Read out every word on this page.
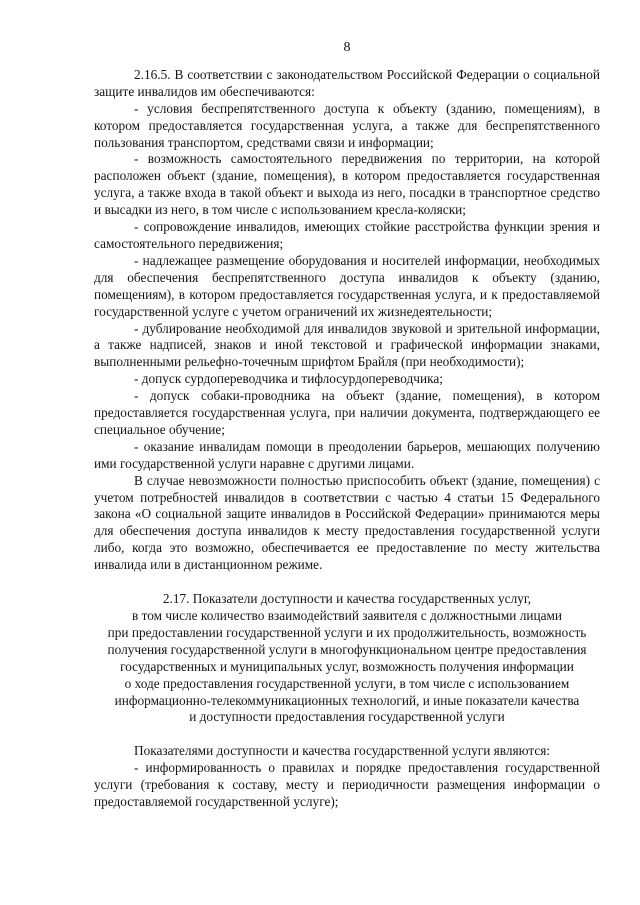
8

2.16.5. В соответствии с законодательством Российской Федерации о социальной защите инвалидов им обеспечиваются:

- условия беспрепятственного доступа к объекту (зданию, помещениям), в котором предоставляется государственная услуга, а также для беспрепятственного пользования транспортом, средствами связи и информации;

- возможность самостоятельного передвижения по территории, на которой расположен объект (здание, помещения), в котором предоставляется государственная услуга, а также входа в такой объект и выхода из него, посадки в транспортное средство и высадки из него, в том числе с использованием кресла-коляски;

- сопровождение инвалидов, имеющих стойкие расстройства функции зрения и самостоятельного передвижения;

- надлежащее размещение оборудования и носителей информации, необходимых для обеспечения беспрепятственного доступа инвалидов к объекту (зданию, помещениям), в котором предоставляется государственная услуга, и к предоставляемой государственной услуге с учетом ограничений их жизнедеятельности;

- дублирование необходимой для инвалидов звуковой и зрительной информации, а также надписей, знаков и иной текстовой и графической информации знаками, выполненными рельефно-точечным шрифтом Брайля (при необходимости);

- допуск сурдопереводчика и тифлосурдопереводчика;

- допуск собаки-проводника на объект (здание, помещения), в котором предоставляется государственная услуга, при наличии документа, подтверждающего ее специальное обучение;

- оказание инвалидам помощи в преодолении барьеров, мешающих получению ими государственной услуги наравне с другими лицами.

В случае невозможности полностью приспособить объект (здание, помещения) с учетом потребностей инвалидов в соответствии с частью 4 статьи 15 Федерального закона «О социальной защите инвалидов в Российской Федерации» принимаются меры для обеспечения доступа инвалидов к месту предоставления государственной услуги либо, когда это возможно, обеспечивается ее предоставление по месту жительства инвалида или в дистанционном режиме.

2.17. Показатели доступности и качества государственных услуг,
в том числе количество взаимодействий заявителя с должностными лицами
при предоставлении государственной услуги и их продолжительность, возможность
получения государственной услуги в многофункциональном центре предоставления
государственных и муниципальных услуг, возможность получения информации
о ходе предоставления государственной услуги, в том числе с использованием
информационно-телекоммуникационных технологий, и иные показатели качества
и доступности предоставления государственной услуги

Показателями доступности и качества государственной услуги являются:

- информированность о правилах и порядке предоставления государственной услуги (требования к составу, месту и периодичности размещения информации о предоставляемой государственной услуге);
